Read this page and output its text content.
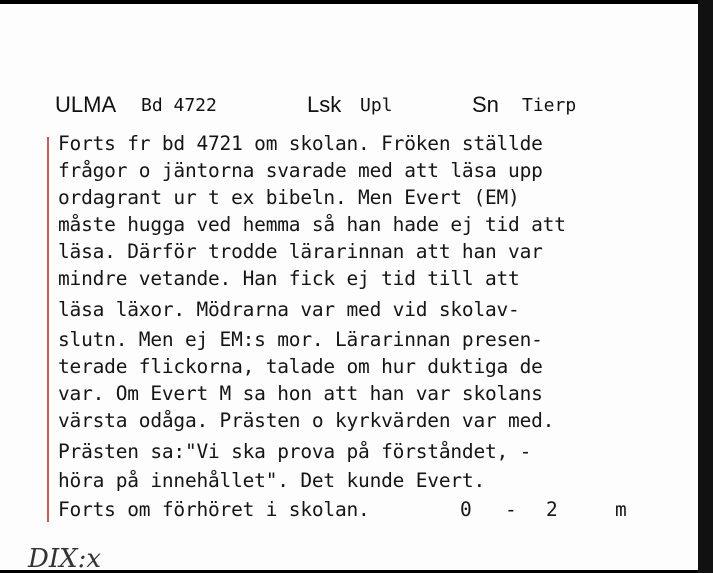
ULMA Bd 4722	Lsk Upl	Sn Tierp
Forts fr bd 4721 om skolan. Fröken ställde
frågor o jäntorna svarade med att läsa upp
ordagrant ur t ex bibeln. Men Evert (EM)
måste hugga ved hemma så han hade ej tid att
läsa. Därför trodde lärarinnan att han var
mindre vetande. Han fick ej tid till att
läsa läxor. Mödrarna var med vid skolav-
slutn. Men ej EM:s mor. Lärarinnan presen-
terade flickorna, talade om hur duktiga de
var. Om Evert M sa hon att han var skolans
värsta odåga. Prästen o kyrkvärden var med.
Prästen sa:"Vi ska prova på förståndet, -
höra på innehållet". Det kunde Evert.
Forts om förhöret i skolan.	0 - 2	m
DIX:x
